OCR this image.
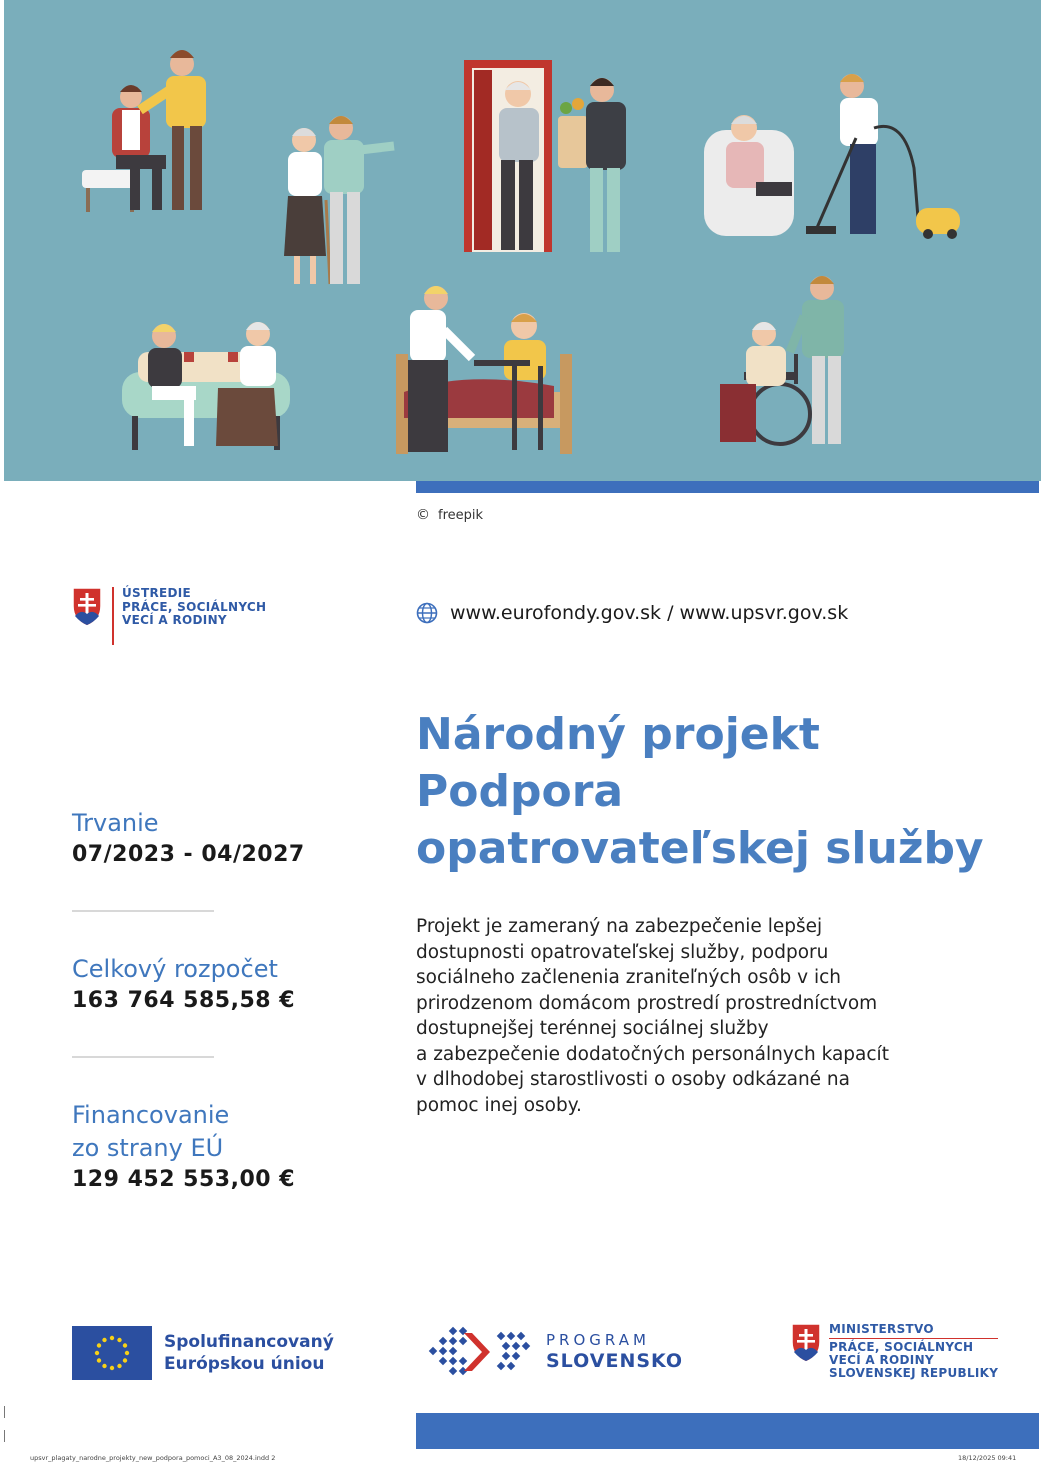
© freepik
ÚSTREDIE
PRÁCE, SOCIÁLNYCH
VECÍ A RODINY	www.eurofondy.gov.sk / www.upsvr.gov.sk
Národný projekt
Podpora
opatrovateľskej služby
Projekt je zameraný na zabezpečenie lepšej
dostupnosti opatrovateľskej služby, podporu
sociálneho začlenenia zraniteľných osôb v ich
prirodzenom domácom prostredí prostredníctvom
dostupnejšej terénnej sociálnej služby
a zabezpečenie dodatočných personálnych kapacít
v dlhodobej starostlivosti o osoby odkázané na
pomoc inej osoby.
Trvanie
07/2023 - 04/2027
Celkový rozpočet
163 764 585,58 €
Financovanie
zo strany EÚ
129 452 553,00 €
Spolufinancovaný
Európskou úniou
PROGRAM
SLOVENSKO
MINISTERSTVO
PRÁCE, SOCIÁLNYCH
VECÍ A RODINY
SLOVENSKEJ REPUBLIKY
upsvr_plagaty_narodne_projekty_new_podpora_pomoci_A3_08_2024.indd 2	18/12/2025 09:41
